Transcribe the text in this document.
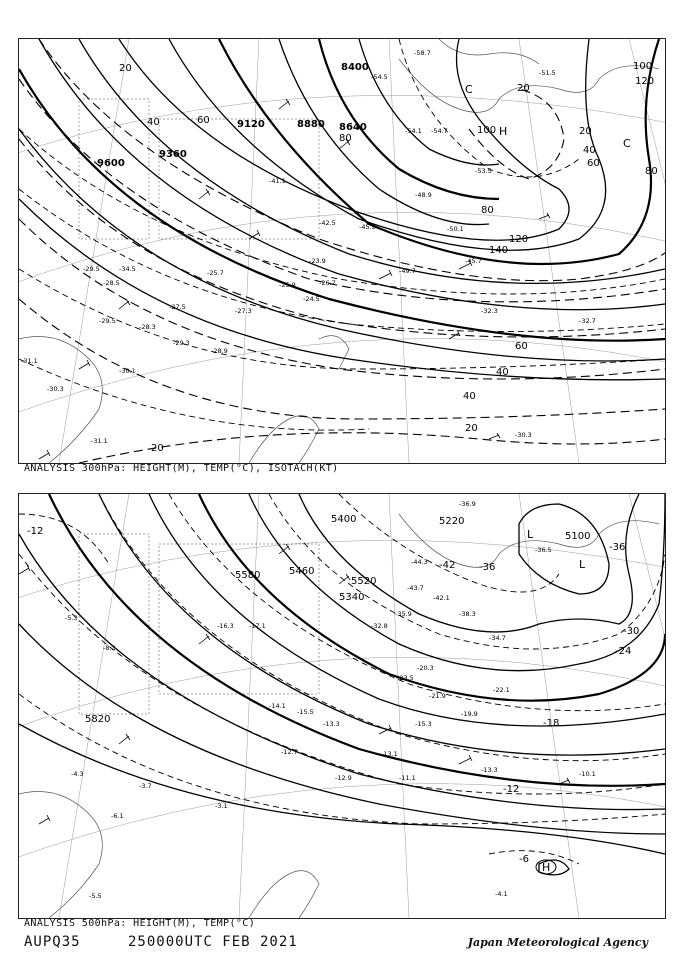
8400
8640
8880
9120
9360
9600
20
40	60
80
100
120
140
20
20
40
60
80
120
100
80
60
40
20
20
40
-58.7
-54.5	-51.5
-54.1 -54.7
-53.5
-50.1
-45.7
-49.7
-48.9
-45.9
-42.5
-41.1
-34.5
-29.5
-31.1
-30.3
-29.5
-28.3
-27.5
-25.7
-28.5
-28.9
-29.3
-30.1
-31.1
-30.3
-32.3
-32.7
-24.5
-25.9	-26.7
-23.9
-27.3
H
C
C
ANALYSIS 300hPa: HEIGHT(M), TEMP(°C), ISOTACH(KT)
5100
5220
5340
5400
5460
5520
5580
5820
-12
-36
-42 -36
-30
-24
-18
-12
-6
-36.9
-44.3
-43.7
-42.1
-35.9
-32.8
-38.3
-36.5
-34.7
-20.3
-23.5
-22.1
-19.9
-21.9
-14.1
-15.3
-15.5
-13.3
-13.1
-11.1
-12.9
-13.3	-10.1
-17.1
-16.3
-12.7
-4.3
-3.7
-3.1
-4.1
-5.5
-6.1
-8.3
-5.3
L
L
H
ANALYSIS 500hPa: HEIGHT(M), TEMP(°C)
AUPQ35	250000UTC FEB 2021	Japan Meteorological Agency
